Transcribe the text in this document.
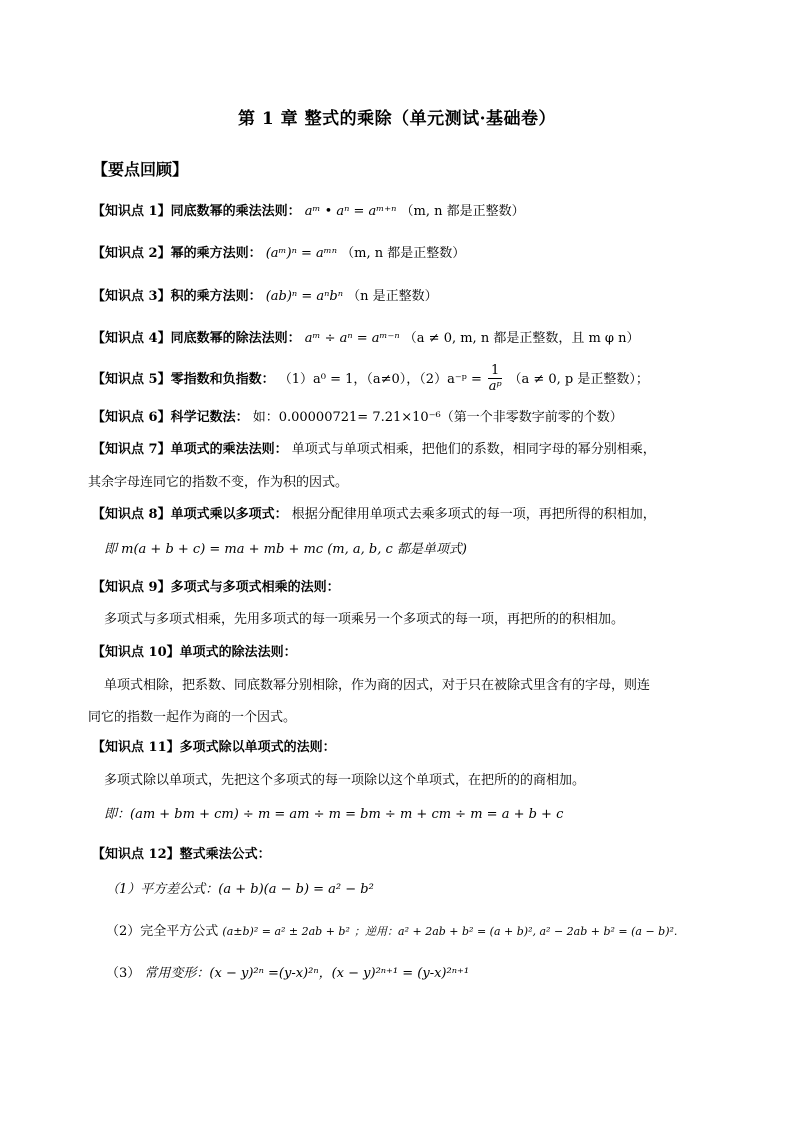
第 1 章 整式的乘除（单元测试·基础卷）
【要点回顾】
【知识点 1】同底数幂的乘法法则： aᵐ • aⁿ = aᵐ⁺ⁿ （m, n 都是正整数）
【知识点 2】幂的乘方法则： (aᵐ)ⁿ = aᵐⁿ （m, n 都是正整数）
【知识点 3】积的乘方法则： (ab)ⁿ = aⁿbⁿ （n 是正整数）
【知识点 4】同底数幂的除法法则： aᵐ ÷ aⁿ = aᵐ⁻ⁿ （a ≠ 0, m, n 都是正整数，且 m φ n）
【知识点 5】零指数和负指数： （1）a⁰ = 1，（a≠0），（2）a⁻ᵖ = $\frac{1}{\text{aᵖ}} (a \ne 0$, p 是正整数）；
【知识点 6】科学记数法： 如：0.00000721= 7.21×10⁻⁶（第一个非零数字前零的个数）
【知识点 7】单项式的乘法法则： 单项式与单项式相乘，把他们的系数，相同字母的幂分别相乘，
其余字母连同它的指数不变，作为积的因式。
【知识点 8】单项式乘以多项式： 根据分配律用单项式去乘多项式的每一项，再把所得的积相加，
即 m(a + b + c) = ma + mb + mc (m, a, b, c 都是单项式)
【知识点 9】多项式与多项式相乘的法则：
多项式与多项式相乘，先用多项式的每一项乘另一个多项式的每一项，再把所的的积相加。
【知识点 10】单项式的除法法则：
单项式相除，把系数、同底数幂分别相除，作为商的因式，对于只在被除式里含有的字母，则连
同它的指数一起作为商的一个因式。
【知识点 11】多项式除以单项式的法则：
多项式除以单项式，先把这个多项式的每一项除以这个单项式，在把所的的商相加。
即：(am + bm + cm) ÷ m = am ÷ m = bm ÷ m + cm ÷ m = a + b + c
【知识点 12】整式乘法公式：
（1）平方差公式：(a + b)(a − b) = a² − b²
（2）完全平方公式 (a±b)² = a² ± 2ab + b² ；逆用：a² + 2ab + b² = (a + b)², a² − 2ab + b² = (a − b)².
（3） 常用变形：(x − y)²ⁿ =(y-x)²ⁿ，(x − y)²ⁿ⁺¹ = (y-x)²ⁿ⁺¹
